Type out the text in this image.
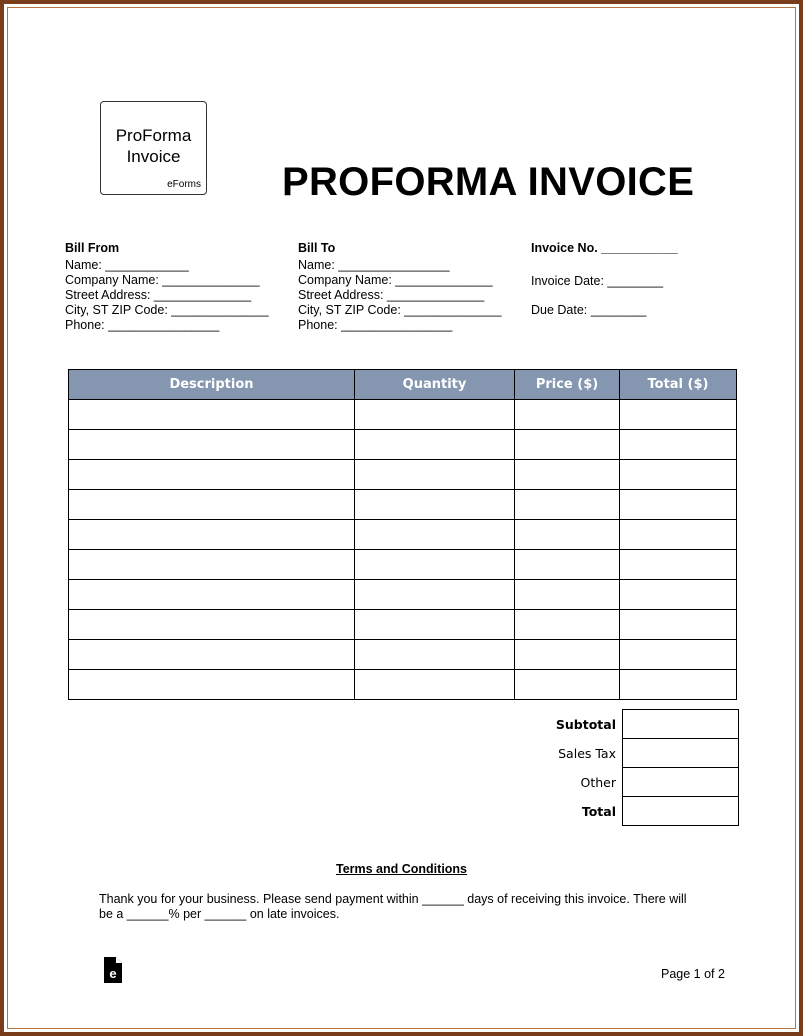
ProForma
Invoice
eForms PROFORMA INVOICE
Bill From
Name: ____________
Company Name: ______________
Street Address: ______________
City, ST ZIP Code: ______________
Phone: ________________
Bill To
Name: ________________
Company Name: ______________
Street Address: ______________
City, ST ZIP Code: ______________
Phone: ________________
Invoice No. ___________
Invoice Date: ________
Due Date: ________
Description	Quantity	Price ($)	Total ($)

Subtotal	
Sales Tax	
Other	
Total	
Terms and Conditions
Thank you for your business. Please send payment within ______ days of receiving this invoice. There will be a ______% per ______ on late invoices.
e	Page 1 of 2
